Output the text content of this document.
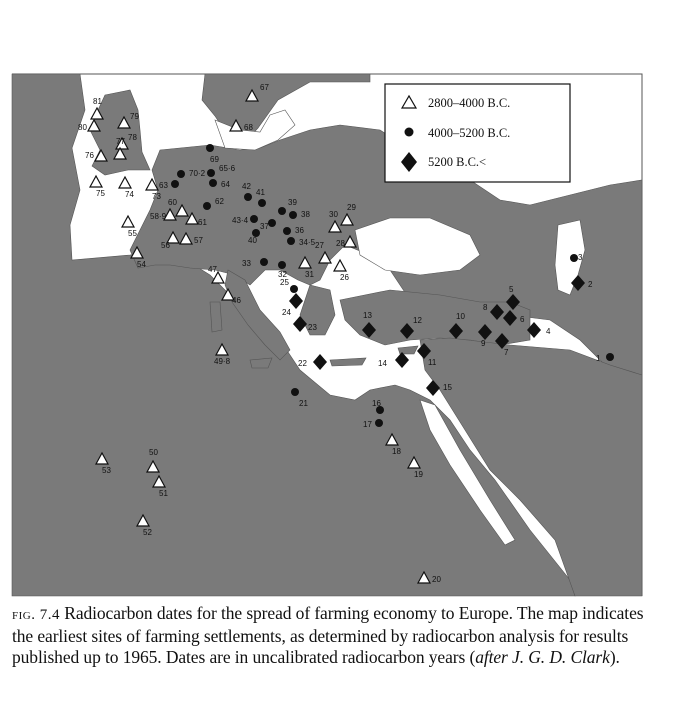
2800–4000 B.C.
4000–5200 B.C.
5200 B.C.<
81
80
79
78
77
76
75	74 73
68
67
60
58·9
61
57
56
55
54
47
46
49·8
31
30
29
28
27
26
18
19
20
50
51
52
53
70·2
63
65·6
64
62
42
41
39
38
37	36
34·5
43·4
40
33
32
25
21	16
17
3
1
69
24
23
22
13
12	10
14	11
15
9
8
7
6
5
4
2
fig. 7.4 Radiocarbon dates for the spread of farming economy to Europe. The map indicates the earliest sites of farming settlements, as determined by radiocarbon analysis for results published up to 1965. Dates are in uncalibrated radiocarbon years (after J. G. D. Clark).
